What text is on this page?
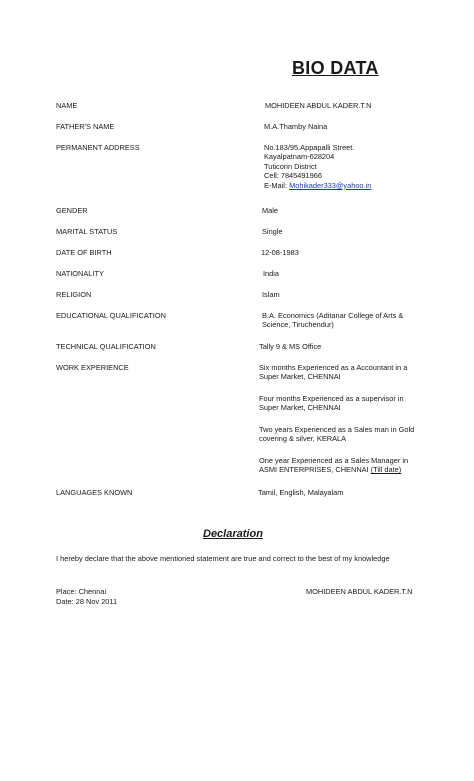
BIO DATA
NAME	MOHIDEEN ABDUL KADER.T.N
FATHER'S NAME	M.A.Thamby Naina
PERMANENT ADDRESS	No.183/95.Appapalli Street.
Kayalpatnam-628204
Tuticorin District
Cell: 7845491966
E-Mail: Mohikader333@yahoo.in
GENDER	Male
MARITAL STATUS	Single
DATE OF BIRTH	12-08-1983
NATIONALITY	India
RELIGION	Islam
EDUCATIONAL QUALIFICATION	B.A. Economics (Aditanar College of Arts &
Science, Tiruchendur)
TECHNICAL QUALIFICATION	Tally 9 & MS Office
WORK EXPERIENCE	Six months Experienced as a Accountant in a
Super Market, CHENNAI
Four months Experienced as a supervisor in
Super Market, CHENNAI
Two years Experienced as a Sales man in Gold
covering & silver, KERALA
One year Experienced as a Sales Manager in
ASMI ENTERPRISES, CHENNAI (Till date)
LANGUAGES KNOWN	Tamil, English, Malayalam
Declaration
I hereby declare that the above mentioned statement are true and correct to the best of my knowledge
Place: Chennai
Date: 28 Nov 2011
MOHIDEEN ABDUL KADER.T.N
